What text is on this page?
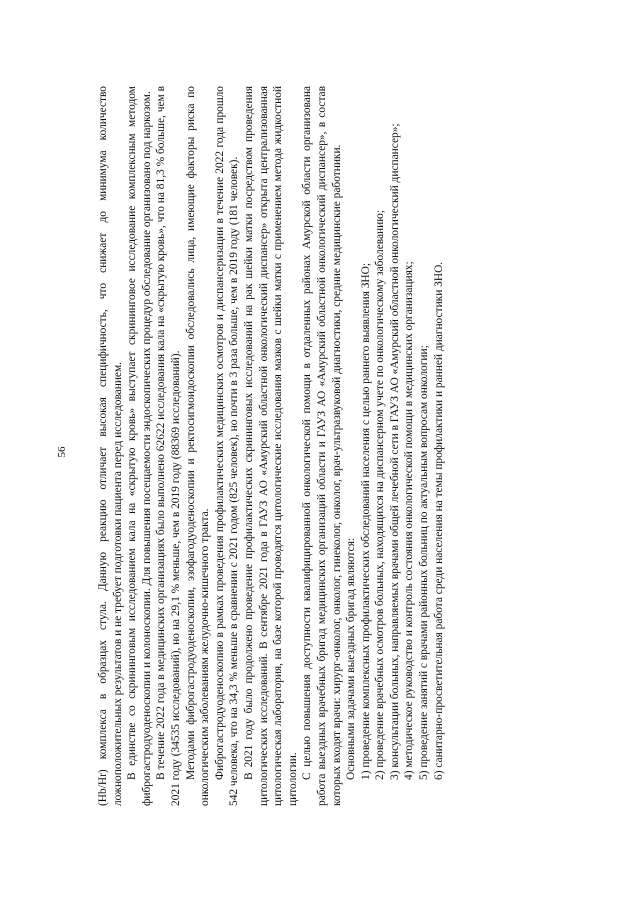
56	(Hb/Hr) комплекса в образцах стула. Данную реакцию отличает высокая специфичность, что снижает до минимума количество ложноположительных результатов и не требует подготовки пациента перед исследованием. В единстве со скрининговым исследованием кала на «скрытую кровь» выступает скрининговое исследование комплексным методом фиброгастродуоденоскопии и колоноскопии. Для повышения посещаемости эндоскопических процедур обследование организовано под наркозом. В течение 2022 года в медицинских организациях было выполнено 62622 исследования кала на «скрытую кровь», что на 81,3 % больше, чем в 2021 году (34535 исследований), но на 29,1 % меньше, чем в 2019 году (88369 исследований). Методами фиброгастродуоденоскопии, эзофагодуоденоскопии и ректосигмоидоскопии обследовались лица, имеющие факторы риска по онкологическим заболеваниям желудочно-кишечного тракта. Фиброгастродуоденоскопию в рамках проведения профилактических медицинских осмотров и диспансеризации в течение 2022 года прошло 542 человека, что на 34,3 % меньше в сравнении с 2021 годом (825 человек), но почти в 3 раза больше, чем в 2019 году (181 человек). В 2021 году было продолжено проведение профилактических скрининговых исследований на рак шейки матки посредством проведения цитологических исследований. В сентябре 2021 года в ГАУЗ АО «Амурский областной онкологический диспансер» открыта централизованная цитологическая лаборатория, на базе которой проводятся цитологические исследования мазков с шейки матки с применением метода жидкостной цитологии. С целью повышения доступности квалифицированной онкологической помощи в отдаленных районах Амурской области организована работа выездных врачебных бригад медицинских организаций области и ГАУЗ АО «Амурский областной онкологический диспансер», в состав которых входят врачи: хирург-онколог, онколог, гинеколог, онколог, врач-ультразвуковой диагностики, средние медицинские работники. Основными задачами выездных бригад являются: 1) проведение комплексных профилактических обследований населения с целью раннего выявления ЗНО; 2) проведение врачебных осмотров больных, находящихся на диспансерном учете по онкологическому заболеванию; 3) консультации больных, направляемых врачами общей лечебной сети в ГАУЗ АО «Амурский областной онкологический диспансер»; 4) методическое руководство и контроль состояния онкологической помощи в медицинских организациях; 5) проведение занятий с врачами районных больниц по актуальным вопросам онкологии; 6) санитарно-просветительная работа среди населения на темы профилактики и ранней диагностики ЗНО.
